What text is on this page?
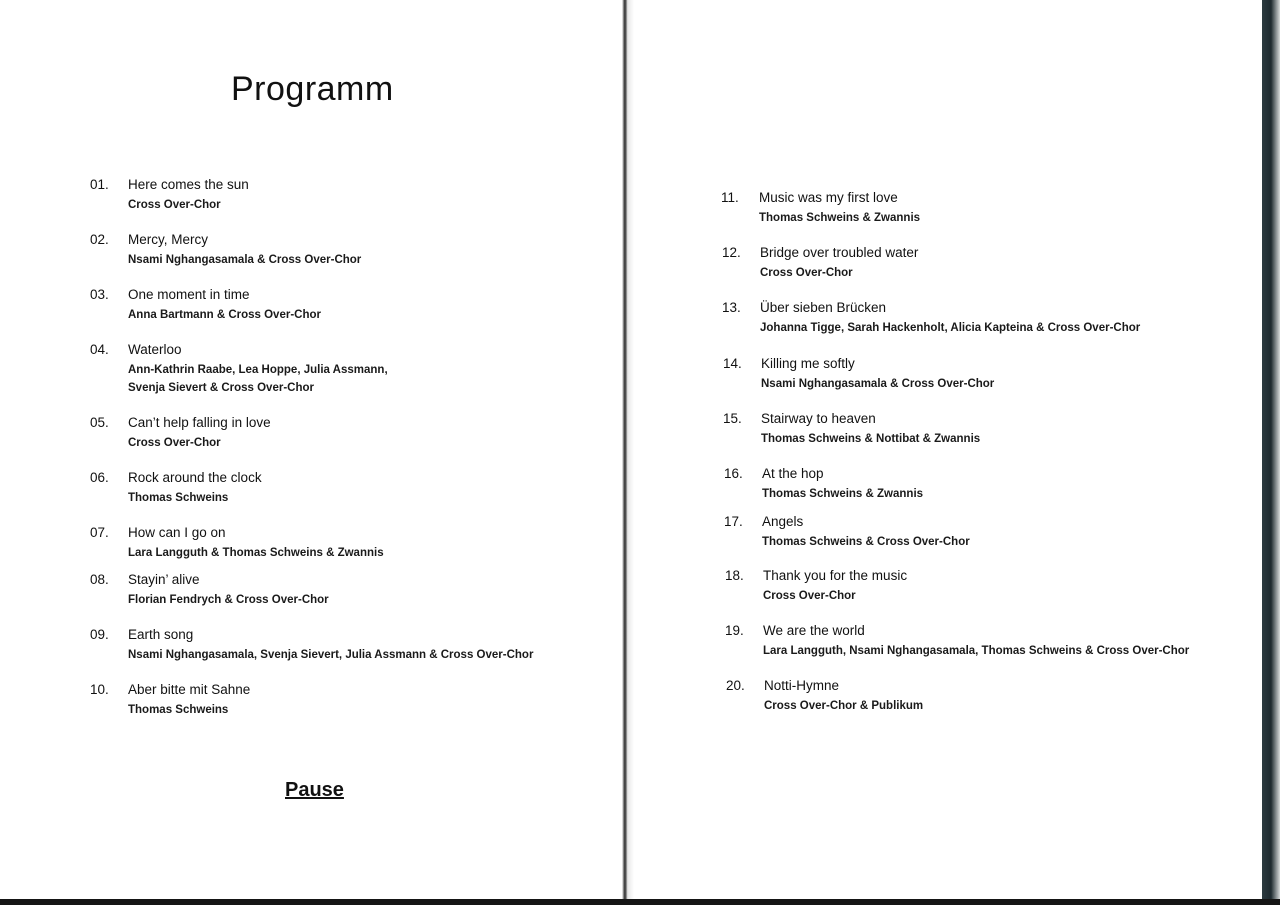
Programm
01. Here comes the sun
Cross Over-Chor
02. Mercy, Mercy
Nsami Nghangasamala & Cross Over-Chor
03. One moment in time
Anna Bartmann & Cross Over-Chor
04. Waterloo
Ann-Kathrin Raabe, Lea Hoppe, Julia Assmann,
Svenja Sievert & Cross Over-Chor
05. Can’t help falling in love
Cross Over-Chor
06. Rock around the clock
Thomas Schweins
07. How can I go on
Lara Langguth & Thomas Schweins & Zwannis
08. Stayin’ alive
Florian Fendrych & Cross Over-Chor
09. Earth song
Nsami Nghangasamala, Svenja Sievert, Julia Assmann & Cross Over-Chor
10. Aber bitte mit Sahne
Thomas Schweins
11. Music was my first love
Thomas Schweins & Zwannis
12. Bridge over troubled water
Cross Over-Chor
13. Über sieben Brücken
Johanna Tigge, Sarah Hackenholt, Alicia Kapteina & Cross Over-Chor
14. Killing me softly
Nsami Nghangasamala & Cross Over-Chor
15. Stairway to heaven
Thomas Schweins & Nottibat & Zwannis
16. At the hop
Thomas Schweins & Zwannis
17. Angels
Thomas Schweins & Cross Over-Chor
18. Thank you for the music
Cross Over-Chor
19. We are the world
Lara Langguth, Nsami Nghangasamala, Thomas Schweins & Cross Over-Chor
20. Notti-Hymne
Cross Over-Chor & Publikum

Pause
